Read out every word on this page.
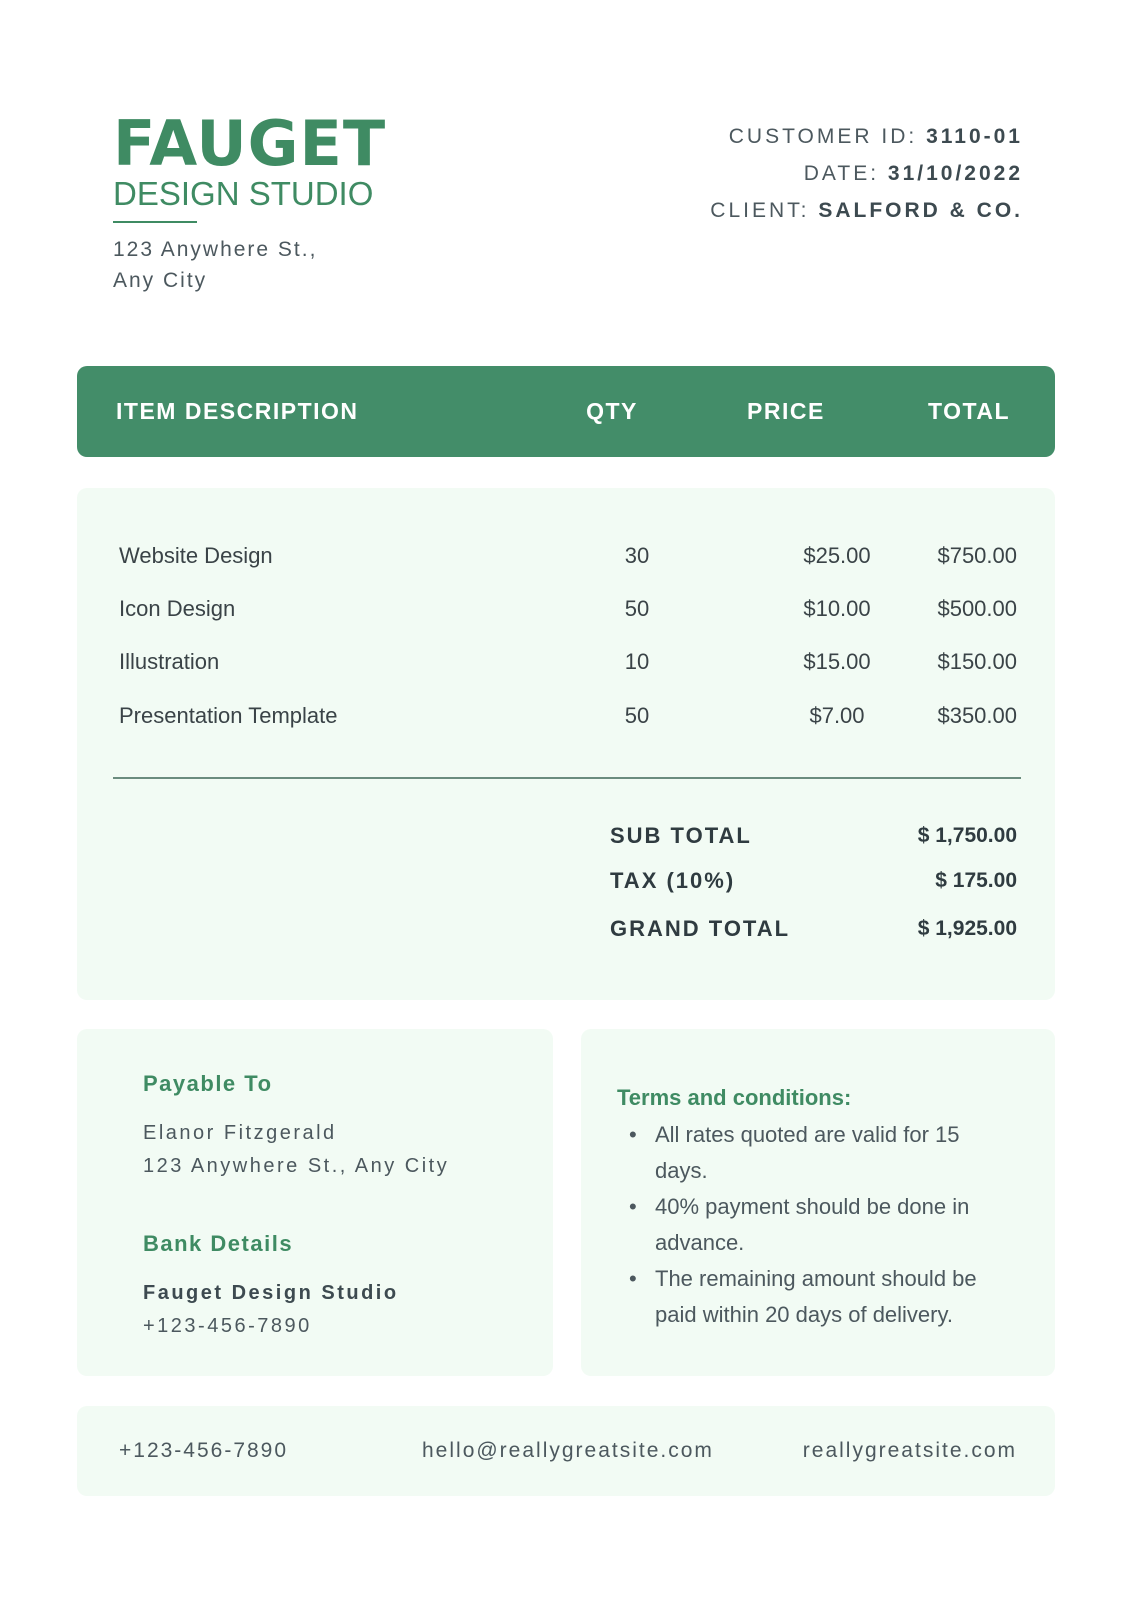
FAUGET
DESIGN STUDIO
123 Anywhere St.,
Any City
CUSTOMER ID: 3110-01
DATE: 31/10/2022
CLIENT: SALFORD & CO.
ITEM DESCRIPTION	QTY	PRICE	TOTAL
Website Design	30	$25.00	$750.00
Icon Design	50	$10.00	$500.00
Illustration	10	$15.00	$150.00
Presentation Template	50	$7.00	$350.00
SUB TOTAL	$ 1,750.00
TAX (10%)	$ 175.00
GRAND TOTAL	$ 1,925.00
Payable To
Elanor Fitzgerald
123 Anywhere St., Any City
Bank Details
Fauget Design Studio
+123-456-7890
Terms and conditions:
• All rates quoted are valid for 15
days.
• 40% payment should be done in
advance.
• The remaining amount should be
paid within 20 days of delivery.
+123-456-7890	hello@reallygreatsite.com	reallygreatsite.com
